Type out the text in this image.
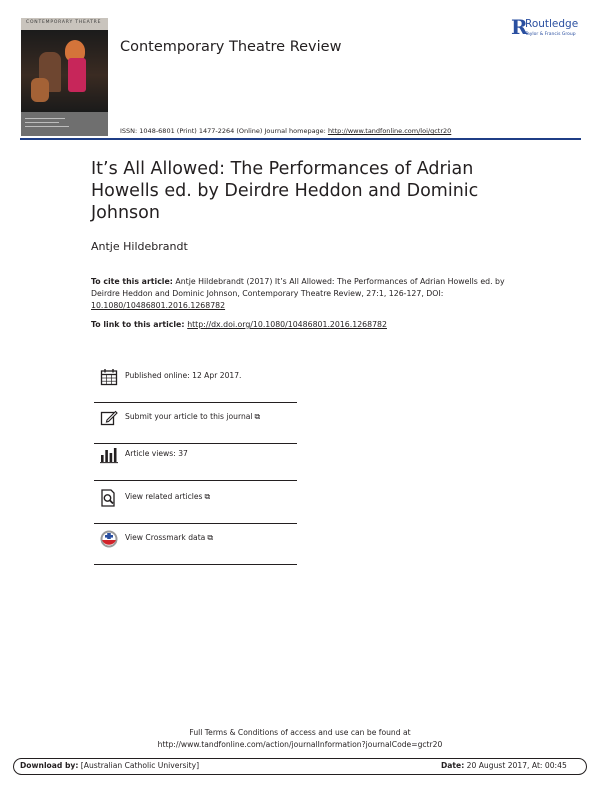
CONTEMPORARY THEATRE
Contemporary Theatre Review
R
Routledge
Taylor & Francis Group
ISSN: 1048-6801 (Print) 1477-2264 (Online) Journal homepage: http://www.tandfonline.com/loi/gctr20
It’s All Allowed: The Performances of Adrian Howells ed. by Deirdre Heddon and Dominic Johnson
Antje Hildebrandt
To cite this article: Antje Hildebrandt (2017) It’s All Allowed: The Performances of Adrian Howells ed. by Deirdre Heddon and Dominic Johnson, Contemporary Theatre Review, 27:1, 126-127, DOI: 10.1080/10486801.2016.1268782
To link to this article: http://dx.doi.org/10.1080/10486801.2016.1268782
Published online: 12 Apr 2017.
Submit your article to this journal ⧉
Article views: 37
View related articles ⧉
View Crossmark data ⧉
Full Terms & Conditions of access and use can be found at
http://www.tandfonline.com/action/journalInformation?journalCode=gctr20
Download by: [Australian Catholic University]	Date: 20 August 2017, At: 00:45
